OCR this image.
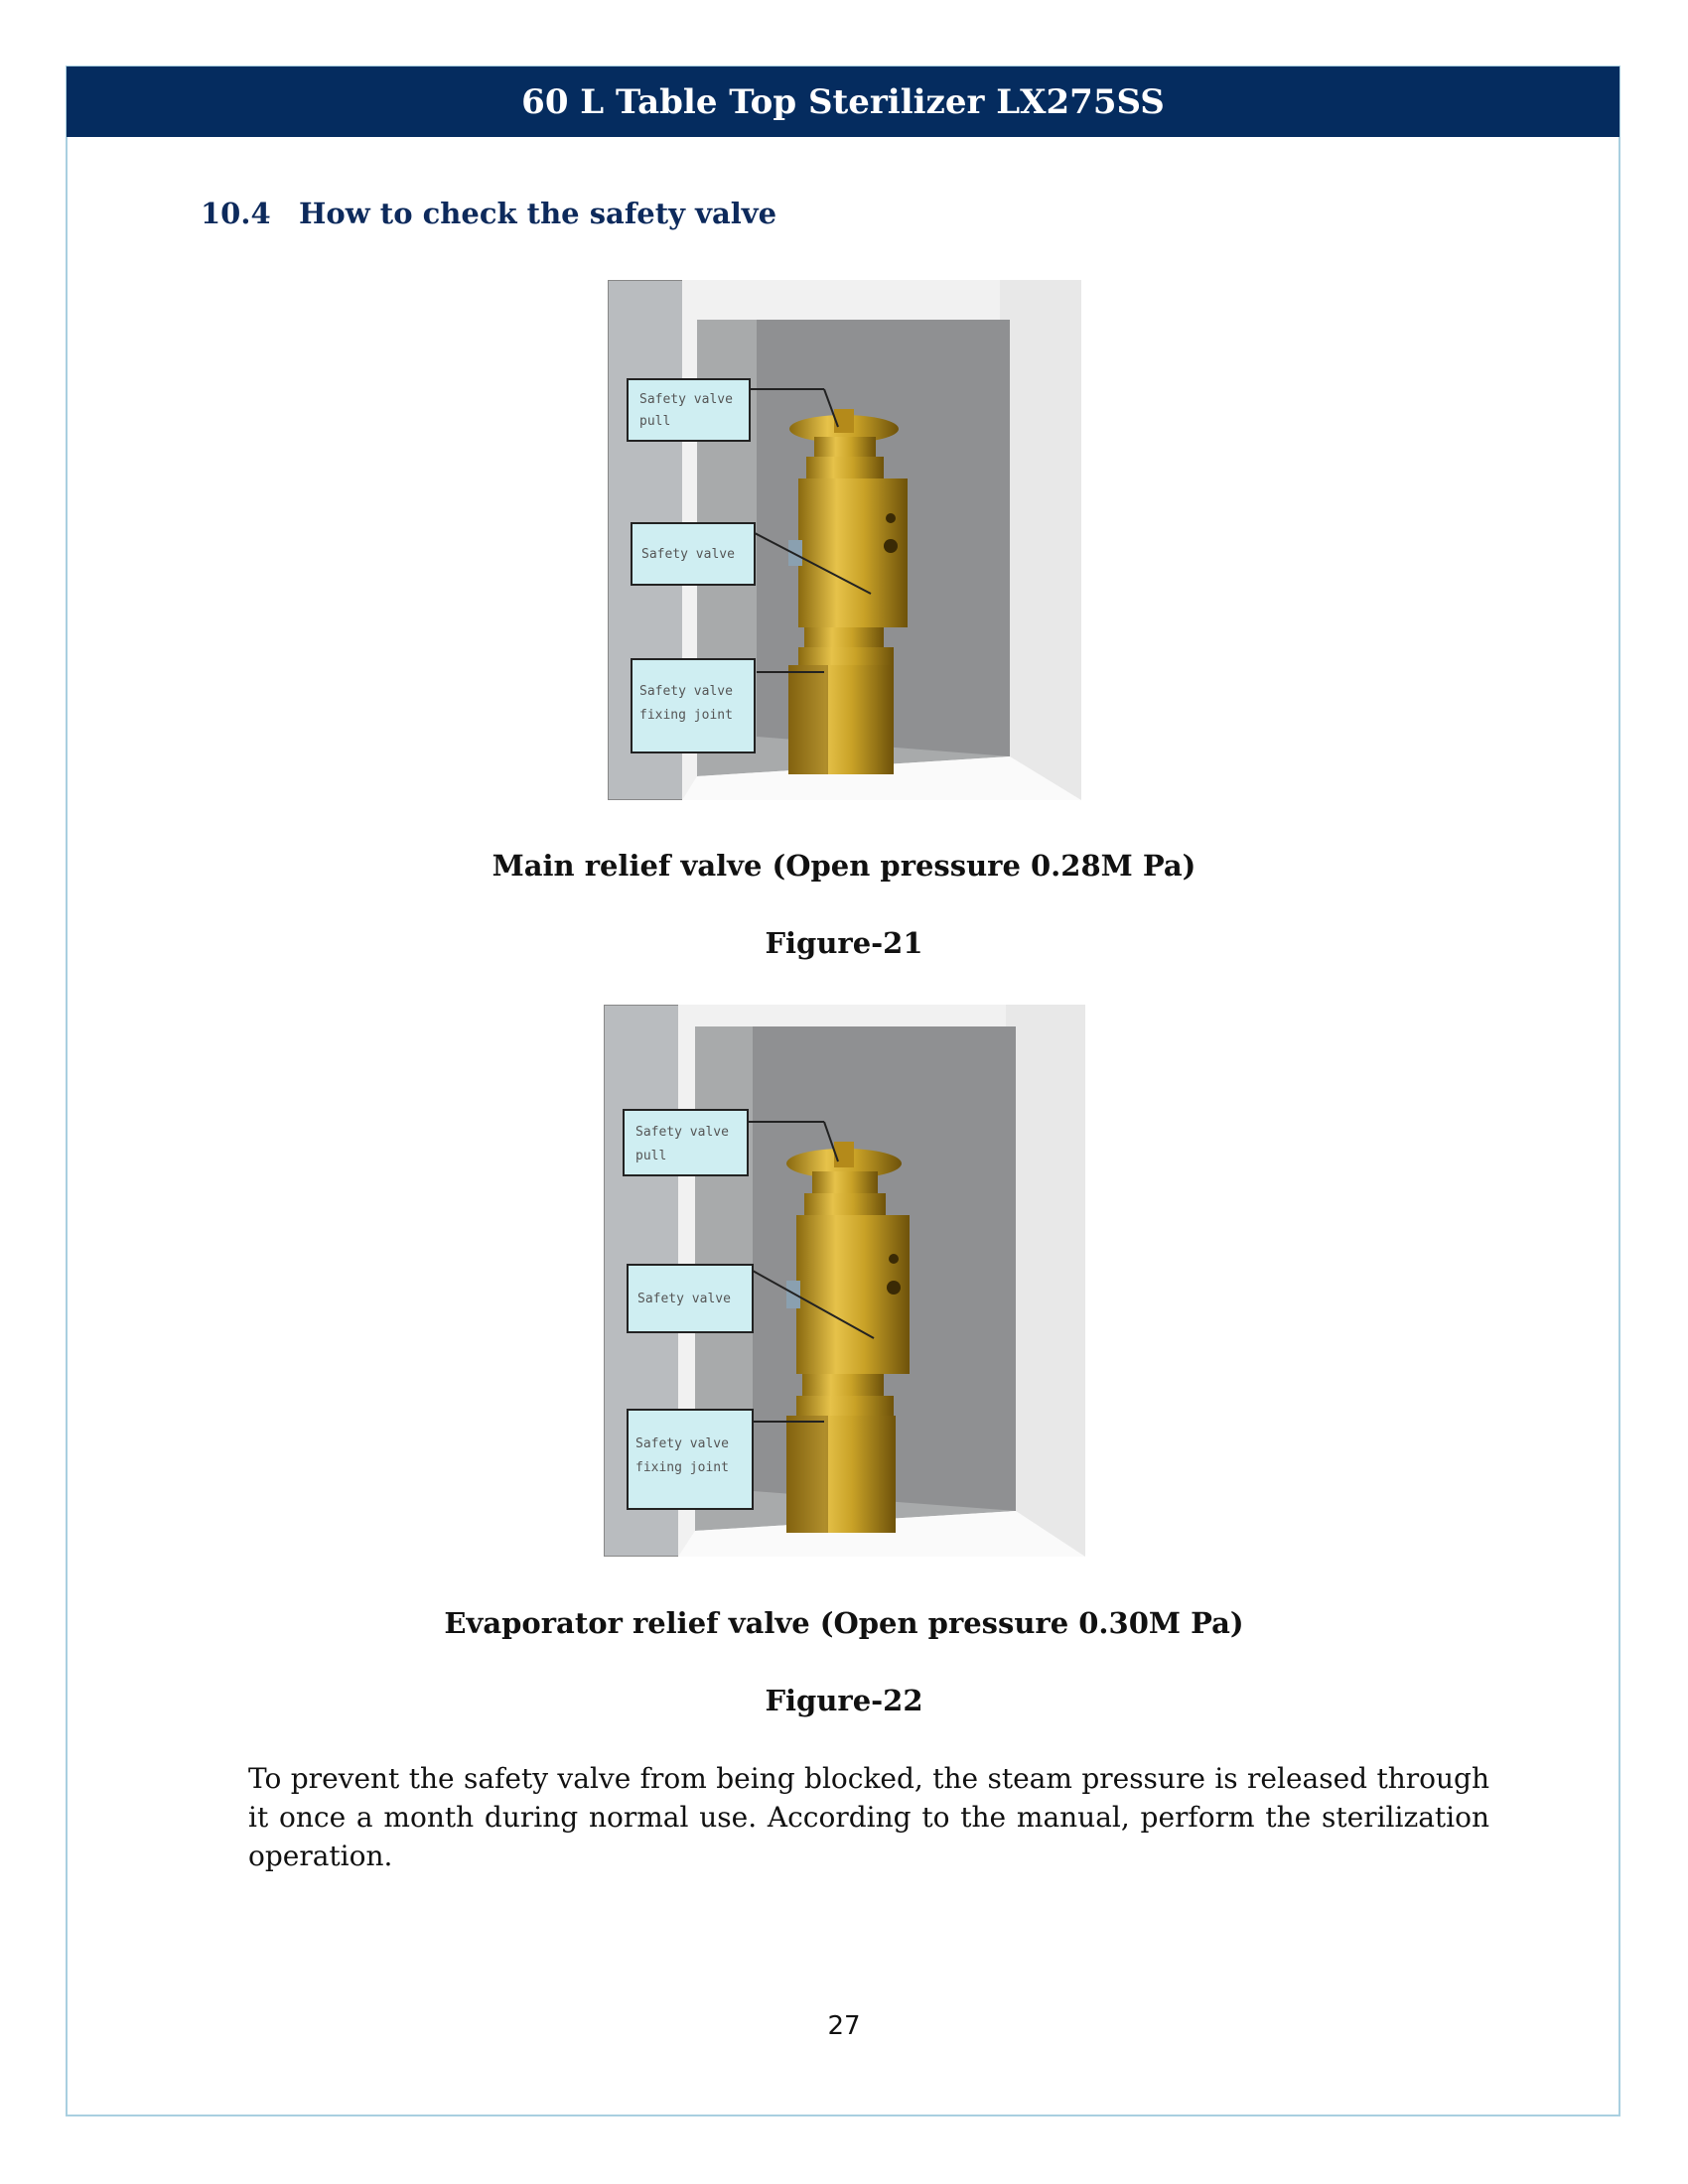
60 L Table Top Sterilizer LX275SS
10.4 How to check the safety valve
Safety valve
pull
Safety valve
Safety valve
fixing joint
Main relief valve (Open pressure 0.28M Pa)
Figure-21
Safety valve
pull
Safety valve
Safety valve
fixing joint
Evaporator relief valve (Open pressure 0.30M Pa)
Figure-22
To prevent the safety valve from being blocked, the steam pressure is released through it once a month during normal use. According to the manual, perform the sterilization operation.
27
